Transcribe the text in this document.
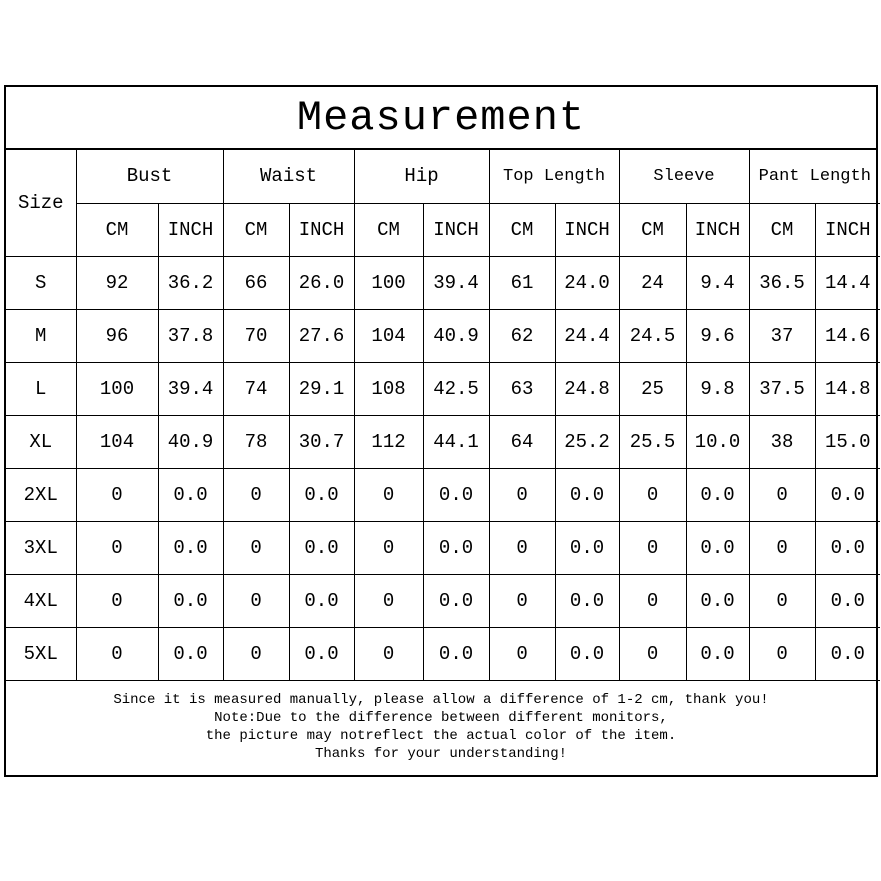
Measurement
Size	Bust		Waist		Hip		Top Length		Sleeve		Pant Length	
	CM	INCH	CM	INCH	CM	INCH	CM	INCH	CM	INCH	CM	INCH
S	92	36.2	66	26.0	100	39.4	61	24.0	24	9.4	36.5	14.4
M	96	37.8	70	27.6	104	40.9	62	24.4	24.5	9.6	37	14.6
L	100	39.4	74	29.1	108	42.5	63	24.8	25	9.8	37.5	14.8
XL	104	40.9	78	30.7	112	44.1	64	25.2	25.5	10.0	38	15.0
2XL	0	0.0	0	0.0	0	0.0	0	0.0	0	0.0	0	0.0
3XL	0	0.0	0	0.0	0	0.0	0	0.0	0	0.0	0	0.0
4XL	0	0.0	0	0.0	0	0.0	0	0.0	0	0.0	0	0.0
5XL	0	0.0	0	0.0	0	0.0	0	0.0	0	0.0	0	0.0
Since it is measured manually, please allow a difference of 1-2 cm, thank you!
Note:Due to the difference between different monitors,
the picture may notreflect the actual color of the item.
Thanks for your understanding!
